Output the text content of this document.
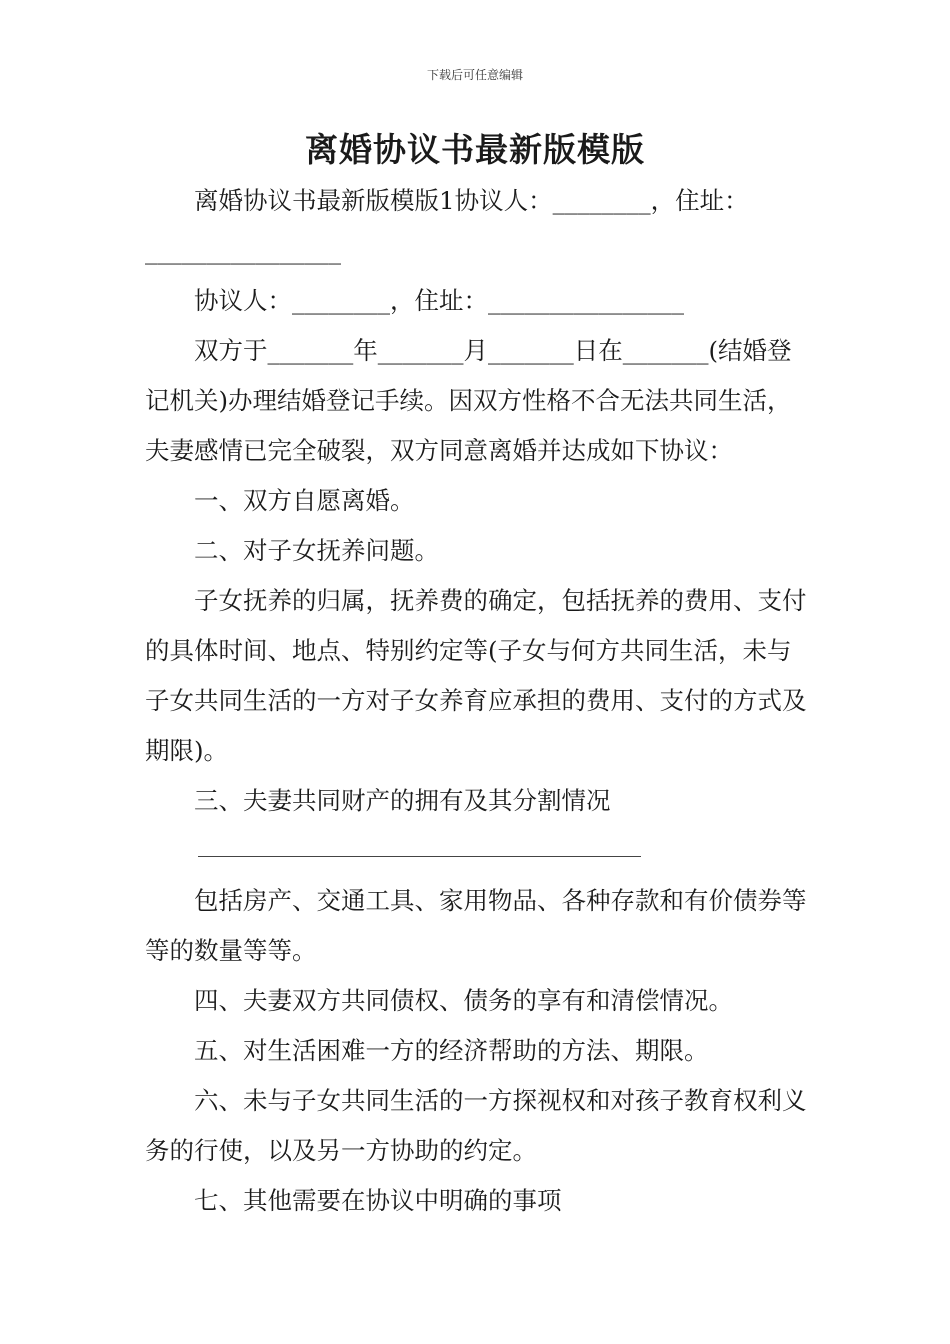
下载后可任意编辑
离婚协议书最新版模版

离婚协议书最新版模版1协议人：________，住址：________________

协议人：________，住址：________________

双方于_______年_______月_______日在_______(结婚登记机关)办理结婚登记手续。因双方性格不合无法共同生活，夫妻感情已完全破裂，双方同意离婚并达成如下协议：

一、双方自愿离婚。

二、对子女抚养问题。

子女抚养的归属，抚养费的确定，包括抚养的费用、支付的具体时间、地点、特别约定等(子女与何方共同生活，未与子女共同生活的一方对子女养育应承担的费用、支付的方式及期限)。

三、夫妻共同财产的拥有及其分割情况

包括房产、交通工具、家用物品、各种存款和有价债券等等的数量等等。

四、夫妻双方共同债权、债务的享有和清偿情况。

五、对生活困难一方的经济帮助的方法、期限。

六、未与子女共同生活的一方探视权和对孩子教育权利义务的行使，以及另一方协助的约定。

七、其他需要在协议中明确的事项
